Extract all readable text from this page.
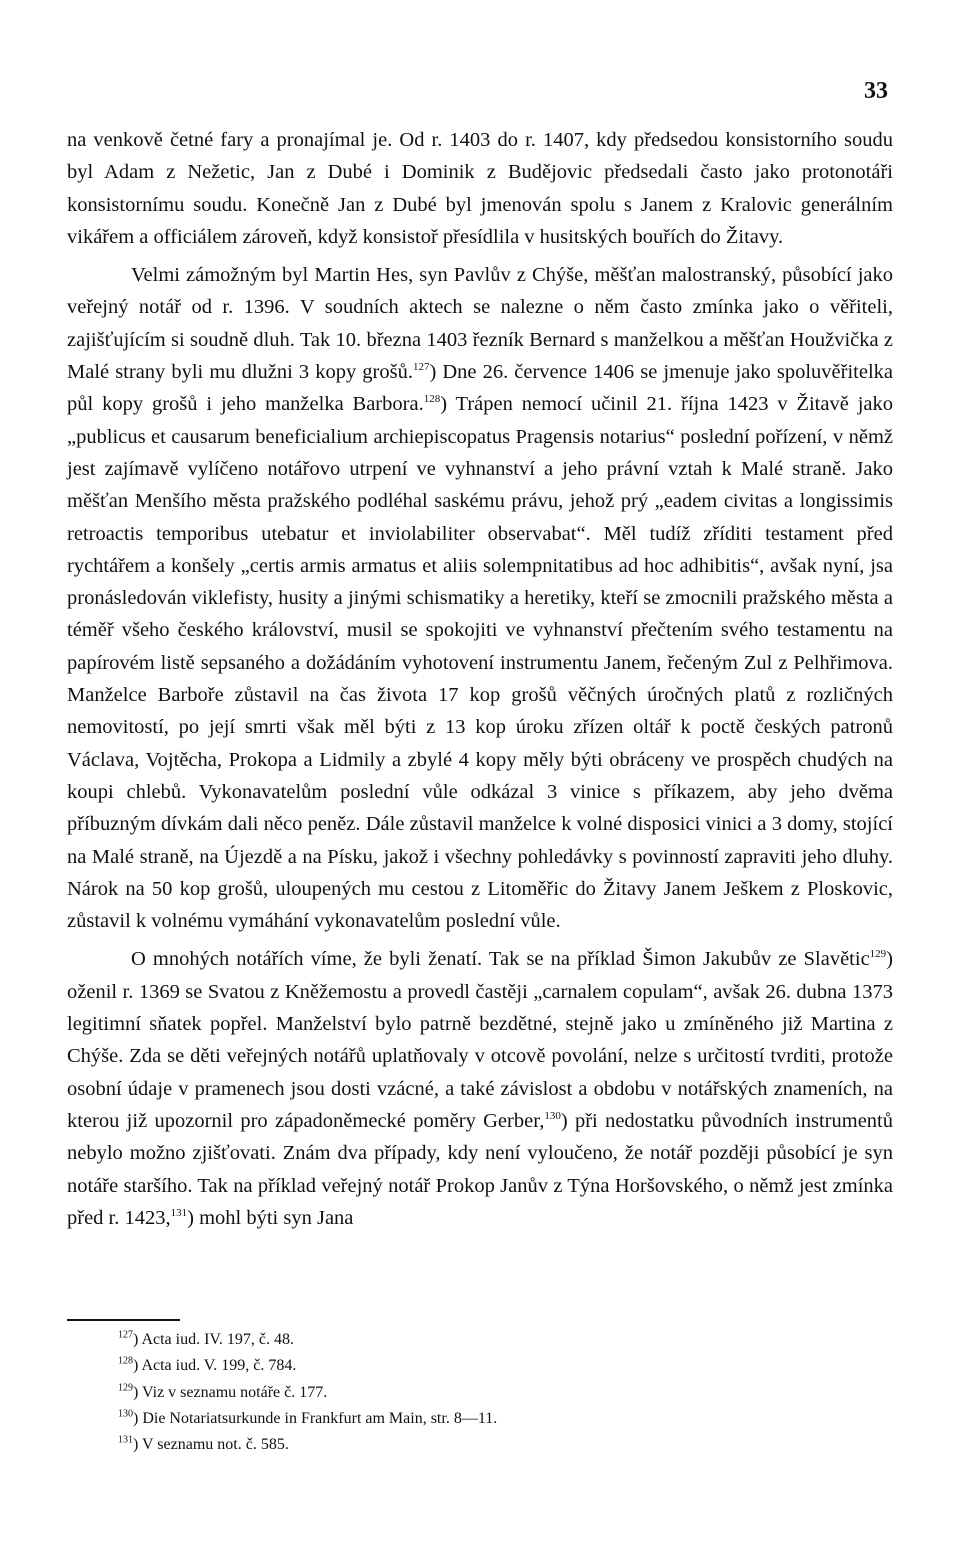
33

na venkově četné fary a pronajímal je. Od r. 1403 do r. 1407, kdy předsedou konsistorního soudu byl Adam z Nežetic, Jan z Dubé i Dominik z Budějovic předsedali často jako protonotáři konsistornímu soudu. Konečně Jan z Dubé byl jmenován spolu s Janem z Kralovic generálním vikářem a officiálem zároveň, když konsistoř přesídlila v husitských bouřích do Žitavy.

Velmi zámožným byl Martin Hes, syn Pavlův z Chýše, měšťan malostranský, působící jako veřejný notář od r. 1396. V soudních aktech se nalezne o něm často zmínka jako o věřiteli, zajišťujícím si soudně dluh. Tak 10. března 1403 řezník Bernard s manželkou a měšťan Houžvička z Malé strany byli mu dlužni 3 kopy grošů.$^{127}$) Dne 26. července 1406 se jmenuje jako spoluvěřitelka půl kopy grošů i jeho manželka Barbora.$^{128}$) Trápen nemocí učinil 21. října 1423 v Žitavě jako „publicus et causarum beneficialium archiepiscopatus Pragensis notarius“ poslední pořízení, v němž jest zajímavě vylíčeno notářovo utrpení ve vyhnanství a jeho právní vztah k Malé straně. Jako měšťan Menšího města pražského podléhal saskému právu, jehož prý „eadem civitas a longissimis retroactis temporibus utebatur et inviolabiliter observabat“. Měl tudíž zříditi testament před rychtářem a konšely „certis armis armatus et aliis solempnitatibus ad hoc adhibitis“, avšak nyní, jsa pronásledován viklefisty, husity a jinými schismatiky a heretiky, kteří se zmocnili pražského města a téměř všeho českého království, musil se spokojiti ve vyhnanství přečtením svého testamentu na papírovém listě sepsaného a dožádáním vyhotovení instrumentu Janem, řečeným Zul z Pelhřimova. Manželce Barboře zůstavil na čas života 17 kop grošů věčných úročných platů z rozličných nemovitostí, po její smrti však měl býti z 13 kop úroku zřízen oltář k poctě českých patronů Václava, Vojtěcha, Prokopa a Lidmily a zbylé 4 kopy měly býti obráceny ve prospěch chudých na koupi chlebů. Vykonavatelům poslední vůle odkázal 3 vinice s příkazem, aby jeho dvěma příbuzným dívkám dali něco peněz. Dále zůstavil manželce k volné disposici vinici a 3 domy, stojící na Malé straně, na Újezdě a na Písku, jakož i všechny pohledávky s povinností zapraviti jeho dluhy. Nárok na 50 kop grošů, uloupených mu cestou z Litoměřic do Žitavy Janem Ješkem z Ploskovic, zůstavil k volnému vymáhání vykonavatelům poslední vůle.

O mnohých notářích víme, že byli ženatí. Tak se na příklad Šimon Jakubův ze Slavětic$^{129}$) oženil r. 1369 se Svatou z Kněžemostu a provedl častěji „carnalem copulam“, avšak 26. dubna 1373 legitimní sňatek popřel. Manželství bylo patrně bezdětné, stejně jako u zmíněného již Martina z Chýše. Zda se děti veřejných notářů uplatňovaly v otcově povolání, nelze s určitostí tvrditi, protože osobní údaje v pramenech jsou dosti vzácné, a také závislost a obdobu v notářských znameních, na kterou již upozornil pro západoněmecké poměry Gerber,$^{130}$) při nedostatku původních instrumentů nebylo možno zjišťovati. Znám dva případy, kdy není vyloučeno, že notář později působící je syn notáře staršího. Tak na příklad veřejný notář Prokop Janův z Týna Horšovského, o němž jest zmínka před r. 1423,$^{131}$) mohl býti syn Jana

$^{127}$) Acta iud. IV. 197, č. 48.
$^{128}$) Acta iud. V. 199, č. 784.
$^{129}$) Viz v seznamu notáře č. 177.
$^{130}$) Die Notariatsurkunde in Frankfurt am Main, str. 8—11.
$^{131}$) V seznamu not. č. 585.
